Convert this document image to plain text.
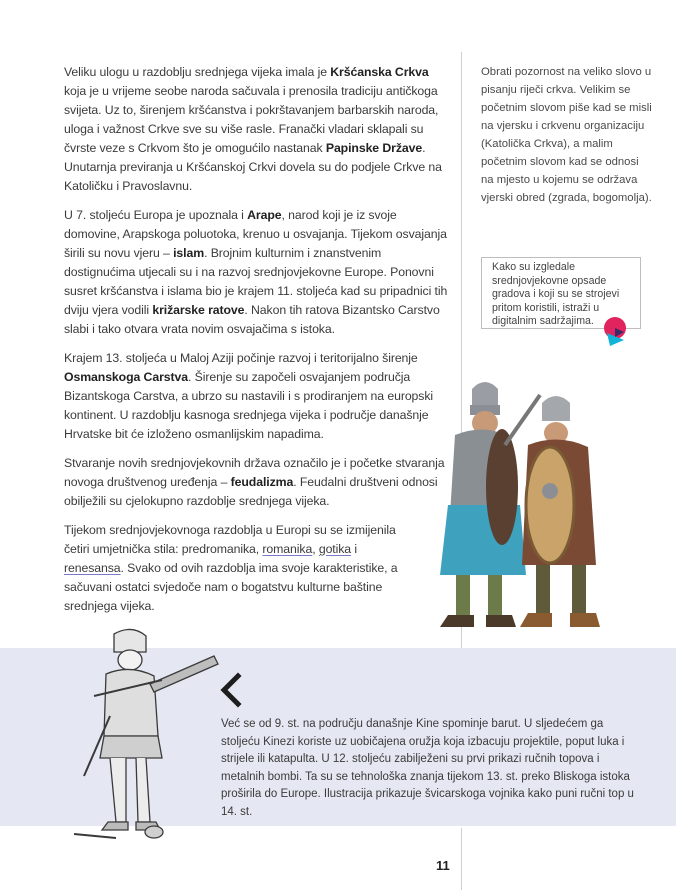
Veliku ulogu u razdoblju srednjega vijeka imala je Kršćanska Crkva koja je u vrijeme seobe naroda sačuvala i prenosila tradiciju antičkoga svijeta. Uz to, širenjem kršćanstva i pokrštavanjem barbarskih naroda, uloga i važnost Crkve sve su više rasle. Franački vladari sklapali su čvrste veze s Crkvom što je omogućilo nastanak Papinske Države. Unutarnja previranja u Kršćanskoj Crkvi dovela su do podjele Crkve na Katoličku i Pravoslavnu.

U 7. stoljeću Europa je upoznala i Arape, narod koji je iz svoje domovine, Arapskoga poluotoka, krenuo u osvajanja. Tijekom osvajanja širili su novu vjeru – islam. Brojnim kulturnim i znanstvenim dostignućima utjecali su i na razvoj srednjovjekovne Europe. Ponovni susret kršćanstva i islama bio je krajem 11. stoljeća kad su pripadnici tih dviju vjera vodili križarske ratove. Nakon tih ratova Bizantsko Carstvo slabi i tako otvara vrata novim osvajačima s istoka.

Krajem 13. stoljeća u Maloj Aziji počinje razvoj i teritorijalno širenje Osmanskoga Carstva. Širenje su započeli osvajanjem područja Bizantskoga Carstva, a ubrzo su nastavili i s prodiranjem na europski kontinent. U razdoblju kasnoga srednjega vijeka i područje današnje Hrvatske bit će izloženo osmanlijskim napadima.

Stvaranje novih srednjovjekovnih država označilo je i početke stvaranja novoga društvenog uređenja – feudalizma. Feudalni društveni odnosi obilježili su cjelokupno razdoblje srednjega vijeka.

Tijekom srednjovjekovnoga razdoblja u Europi su se izmijenila četiri umjetnička stila: predromanika, romanika, gotika i renesansa. Svako od ovih razdoblja ima svoje karakteristike, a sačuvani ostatci svjedoče nam o bogatstvu kulturne baštine srednjega vijeka.

Obrati pozornost na veliko slovo u pisanju riječi crkva. Velikim se početnim slovom piše kad se misli na vjersku i crkvenu organizaciju (Katolička Crkva), a malim početnim slovom kad se odnosi na mjesto u kojemu se održava vjerski obred (zgrada, bogomolja).
Kako su izgledale srednjovjekovne opsade gradova i koji su se strojevi pritom koristili, istraži u digitalnim sadržajima.
Već se od 9. st. na području današnje Kine spominje barut. U sljedećem ga stoljeću Kinezi koriste uz uobičajena oružja koja izbacuju projektile, poput luka i strijele ili katapulta. U 12. stoljeću zabilježeni su prvi prikazi ručnih topova i metalnih bombi. Ta su se tehnološka znanja tijekom 13. st. preko Bliskoga istoka proširila do Europe. Ilustracija prikazuje švicarskoga vojnika kako puni ručni top u 14. st.
11
